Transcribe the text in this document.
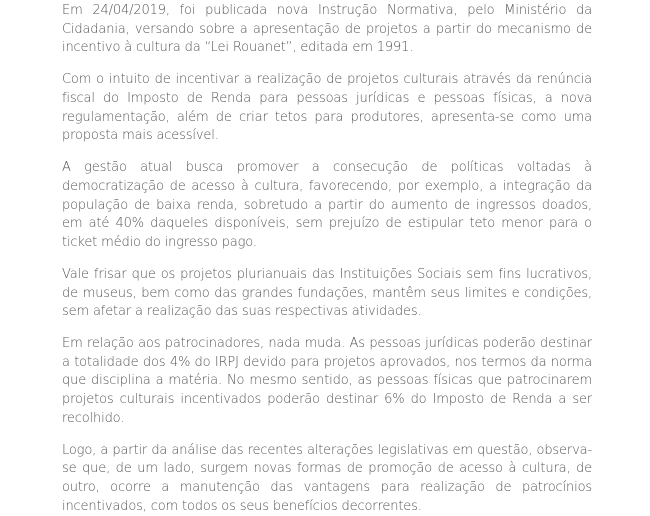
Em 24/04/2019, foi publicada nova Instrução Normativa, pelo Ministério da Cidadania, versando sobre a apresentação de projetos a partir do mecanismo de incentivo à cultura da “Lei Rouanet”, editada em 1991.

Com o intuito de incentivar a realização de projetos culturais através da renúncia fiscal do Imposto de Renda para pessoas jurídicas e pessoas físicas, a nova regulamentação, além de criar tetos para produtores, apresenta-se como uma proposta mais acessível.

A gestão atual busca promover a consecução de políticas voltadas à democratização de acesso à cultura, favorecendo, por exemplo, a integração da população de baixa renda, sobretudo a partir do aumento de ingressos doados, em até 40% daqueles disponíveis, sem prejuízo de estipular teto menor para o ticket médio do ingresso pago.

Vale frisar que os projetos plurianuais das Instituições Sociais sem fins lucrativos, de museus, bem como das grandes fundações, mantêm seus limites e condições, sem afetar a realização das suas respectivas atividades.

Em relação aos patrocinadores, nada muda. As pessoas jurídicas poderão destinar a totalidade dos 4% do IRPJ devido para projetos aprovados, nos termos da norma que disciplina a matéria. No mesmo sentido, as pessoas físicas que patrocinarem projetos culturais incentivados poderão destinar 6% do Imposto de Renda a ser recolhido.

Logo, a partir da análise das recentes alterações legislativas em questão, observa-se que, de um lado, surgem novas formas de promoção de acesso à cultura, de outro, ocorre a manutenção das vantagens para realização de patrocínios incentivados, com todos os seus benefícios decorrentes.
